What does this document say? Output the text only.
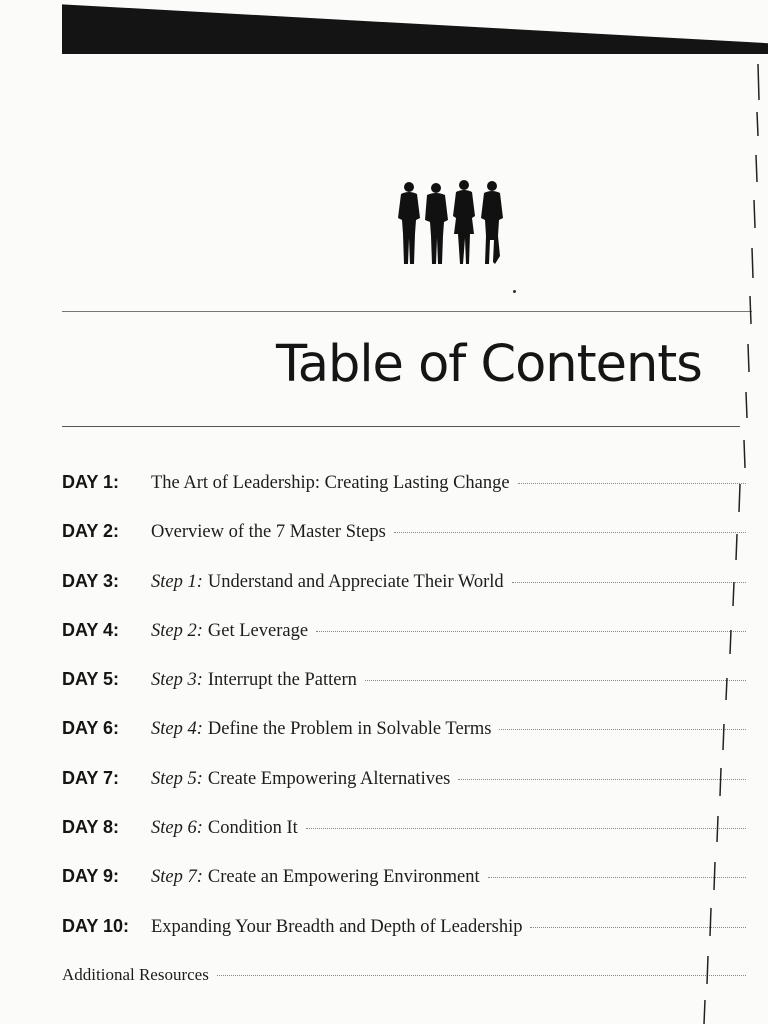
Table of Contents
DAY 1:	The Art of Leadership: Creating Lasting Change
DAY 2:	Overview of the 7 Master Steps
DAY 3:	Step 1: Understand and Appreciate Their World
DAY 4:	Step 2: Get Leverage
DAY 5:	Step 3: Interrupt the Pattern
DAY 6:	Step 4: Define the Problem in Solvable Terms
DAY 7:	Step 5: Create Empowering Alternatives
DAY 8:	Step 6: Condition It
DAY 9:	Step 7: Create an Empowering Environment
DAY 10:	Expanding Your Breadth and Depth of Leadership
Additional Resources
